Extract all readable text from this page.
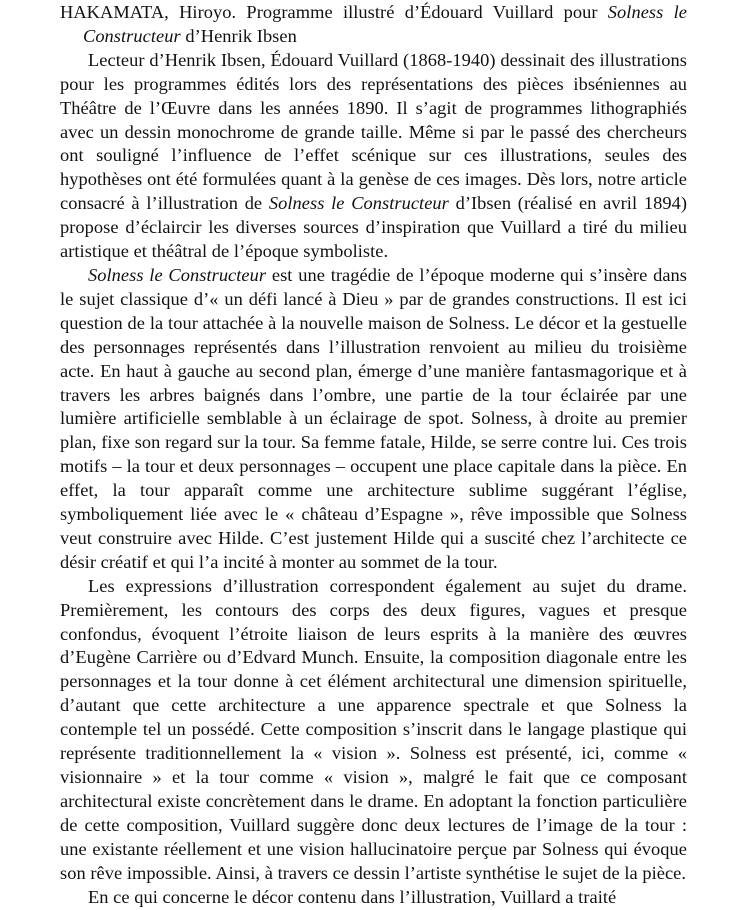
HAKAMATA, Hiroyo. Programme illustré d’Édouard Vuillard pour Solness le Constructeur d’Henrik Ibsen

Lecteur d’Henrik Ibsen, Édouard Vuillard (1868-1940) dessinait des illustrations pour les programmes édités lors des représentations des pièces ibséniennes au Théâtre de l’Œuvre dans les années 1890. Il s’agit de programmes lithographiés avec un dessin monochrome de grande taille. Même si par le passé des chercheurs ont souligné l’influence de l’effet scénique sur ces illustrations, seules des hypothèses ont été formulées quant à la genèse de ces images. Dès lors, notre article consacré à l’illustration de Solness le Constructeur d’Ibsen (réalisé en avril 1894) propose d’éclaircir les diverses sources d’inspiration que Vuillard a tiré du milieu artistique et théâtral de l’époque symboliste.

Solness le Constructeur est une tragédie de l’époque moderne qui s’insère dans le sujet classique d’« un défi lancé à Dieu » par de grandes constructions. Il est ici question de la tour attachée à la nouvelle maison de Solness. Le décor et la gestuelle des personnages représentés dans l’illustration renvoient au milieu du troisième acte. En haut à gauche au second plan, émerge d’une manière fantasmagorique et à travers les arbres baignés dans l’ombre, une partie de la tour éclairée par une lumière artificielle semblable à un éclairage de spot. Solness, à droite au premier plan, fixe son regard sur la tour. Sa femme fatale, Hilde, se serre contre lui. Ces trois motifs – la tour et deux personnages – occupent une place capitale dans la pièce. En effet, la tour apparaît comme une architecture sublime suggérant l’église, symboliquement liée avec le « château d’Espagne », rêve impossible que Solness veut construire avec Hilde. C’est justement Hilde qui a suscité chez l’architecte ce désir créatif et qui l’a incité à monter au sommet de la tour.

Les expressions d’illustration correspondent également au sujet du drame. Premièrement, les contours des corps des deux figures, vagues et presque confondus, évoquent l’étroite liaison de leurs esprits à la manière des œuvres d’Eugène Carrière ou d’Edvard Munch. Ensuite, la composition diagonale entre les personnages et la tour donne à cet élément architectural une dimension spirituelle, d’autant que cette architecture a une apparence spectrale et que Solness la contemple tel un possédé. Cette composition s’inscrit dans le langage plastique qui représente traditionnellement la « vision ». Solness est présenté, ici, comme « visionnaire » et la tour comme « vision », malgré le fait que ce composant architectural existe concrètement dans le drame. En adoptant la fonction particulière de cette composition, Vuillard suggère donc deux lectures de l’image de la tour : une existante réellement et une vision hallucinatoire perçue par Solness qui évoque son rêve impossible. Ainsi, à travers ce dessin l’artiste synthétise le sujet de la pièce.

En ce qui concerne le décor contenu dans l’illustration, Vuillard a traité
